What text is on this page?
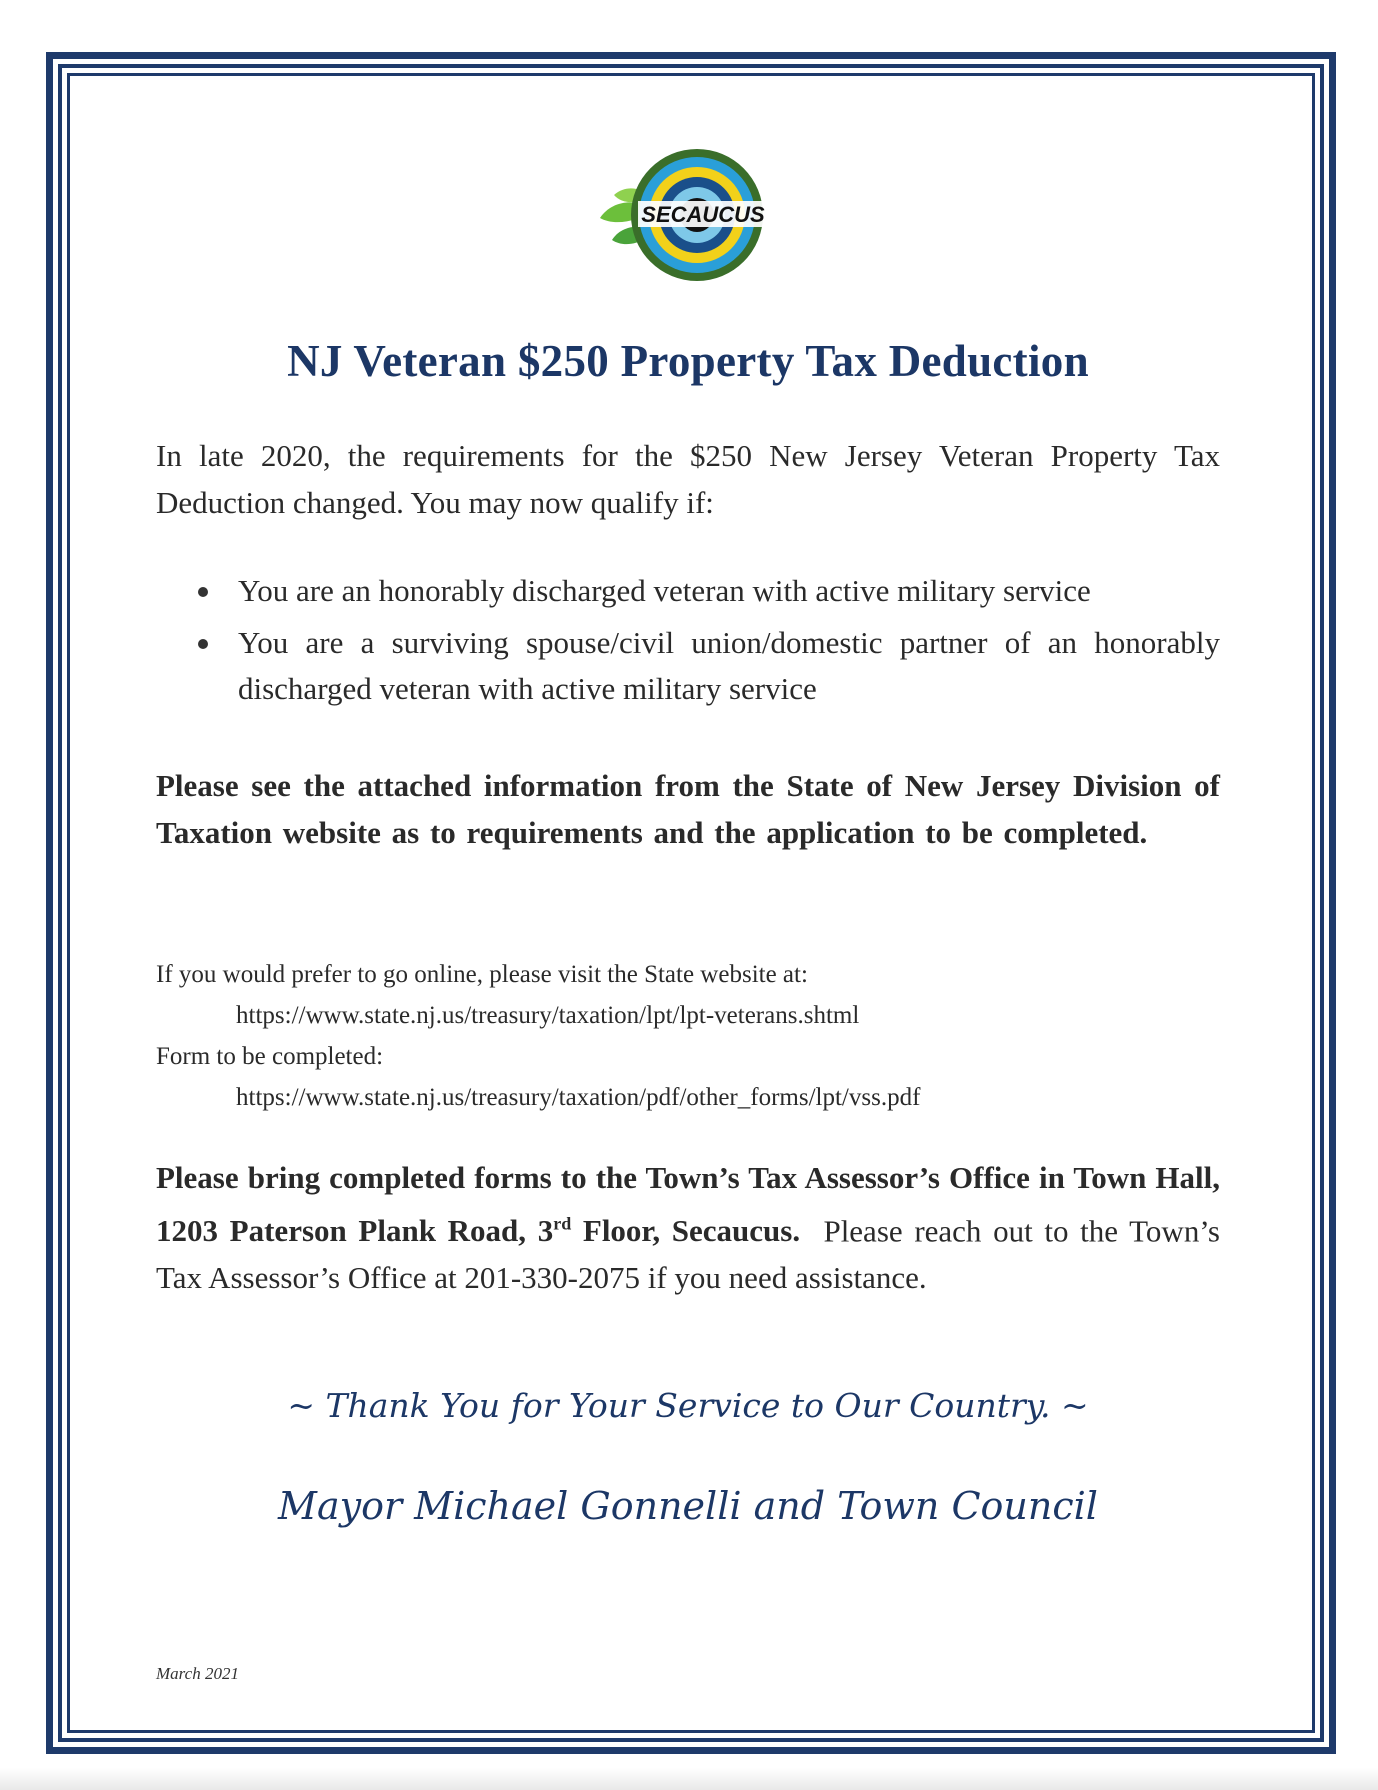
SECAUCUS
NJ Veteran $250 Property Tax Deduction
In late 2020, the requirements for the $250 New Jersey Veteran Property Tax Deduction changed. You may now qualify if:
You are an honorably discharged veteran with active military service
You are a surviving spouse/civil union/domestic partner of an honorably discharged veteran with active military service
Please see the attached information from the State of New Jersey Division of Taxation website as to requirements and the application to be completed.
If you would prefer to go online, please visit the State website at:
https://www.state.nj.us/treasury/taxation/lpt/lpt-veterans.shtml
Form to be completed:
https://www.state.nj.us/treasury/taxation/pdf/other_forms/lpt/vss.pdf
Please bring completed forms to the Town’s Tax Assessor’s Office in Town Hall, 1203 Paterson Plank Road, 3rd Floor, Secaucus.  Please reach out to the Town’s Tax Assessor’s Office at 201-330-2075 if you need assistance.
~ Thank You for Your Service to Our Country. ~
Mayor Michael Gonnelli and Town Council
March 2021
